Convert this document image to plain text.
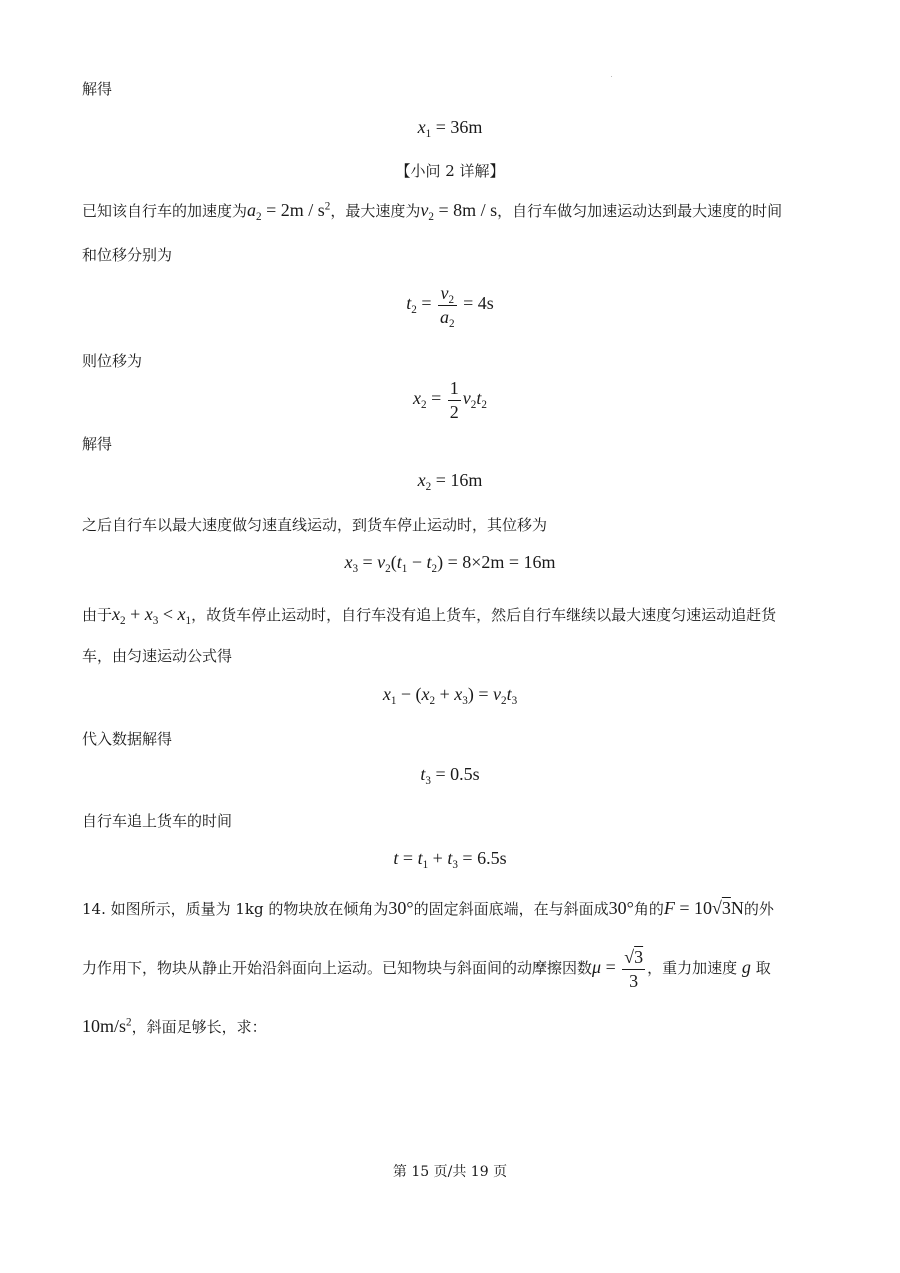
解得
$x_1 = 36m$
【小问 2 详解】
已知该自行车的加速度为$a_2 = 2m / s^2$，最大速度为$v_2 = 8m / s$，自行车做匀加速运动达到最大速度的时间
和位移分别为
$t_2 = \frac{v_2}{a_2} = 4s$
则位移为
$x_2 = \frac{1}{2} v_2t_2$
解得
$x_2 = 16m$
之后自行车以最大速度做匀速直线运动，到货车停止运动时，其位移为
$x_3 = v_2(t_1 - t_2) = 8\times 2m = 16m$
由于$x_2 + x_3 < x_1$，故货车停止运动时，自行车没有追上货车，然后自行车继续以最大速度匀速运动追赶货
车，由匀速运动公式得
$x_1 - (x_2 + x_3) = v_2t_3$
代入数据解得
$t_3 = 0.5s$
自行车追上货车的时间
$t = t_1 + t_3 = 6.5s$
14. 如图所示，质量为 1kg 的物块放在倾角为30°的固定斜面底端，在与斜面成30°角的F = 10√3N的外
力作用下，物块从静止开始沿斜面向上运动。已知物块与斜面间的动摩擦因数$\mu = \frac{√3}{3}$ ，重力加速度 g 取
$10m/s^2$，斜面足够长，求：
第 15 页/共 19 页
